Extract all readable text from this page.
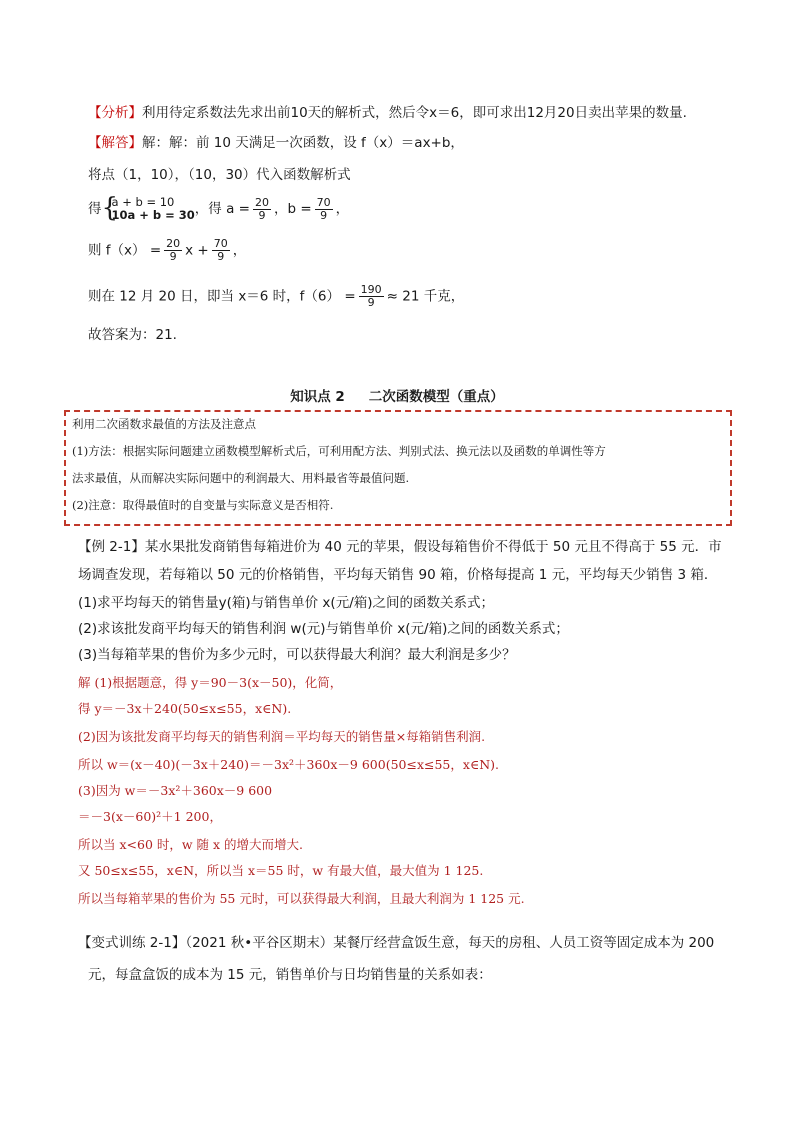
【分析】利用待定系数法先求出前10天的解析式，然后令x＝6，即可求出12月20日卖出苹果的数量.
【解答】解：解：前 10 天满足一次函数，设 f（x）＝ax+b，
将点（1，10），（10，30）代入函数解析式
得 {
a + b = 10
10a + b = 30 ，得 $a = \frac{20}{9}$ ，$b = \frac{70}{9}$ ，
则 $f(x) = \frac{20}{9}$ $x + \frac{70}{9}$ ，
则在 12 月 20 日，即当 x＝6 时，$f(6) = \frac{190}{9} \approx 21$ 千克，
故答案为：21.
知识点 2 二次函数模型（重点）
利用二次函数求最值的方法及注意点
(1)方法：根据实际问题建立函数模型解析式后，可利用配方法、判别式法、换元法以及函数的单调性等方
法求最值，从而解决实际问题中的利润最大、用料最省等最值问题.
(2)注意：取得最值时的自变量与实际意义是否相符.
【例 2-1】某水果批发商销售每箱进价为 40 元的苹果，假设每箱售价不得低于 50 元且不得高于 55 元．市
场调查发现，若每箱以 50 元的价格销售，平均每天销售 90 箱，价格每提高 1 元，平均每天少销售 3 箱．
(1)求平均每天的销售量y(箱)与销售单价 x(元/箱)之间的函数关系式；
(2)求该批发商平均每天的销售利润 w(元)与销售单价 x(元/箱)之间的函数关系式；
(3)当每箱苹果的售价为多少元时，可以获得最大利润？最大利润是多少？
解 (1)根据题意，得 y＝90－3(x－50)，化简，
得 y＝－3x＋240(50≤x≤55，x∈N).
(2)因为该批发商平均每天的销售利润＝平均每天的销售量×每箱销售利润.
所以 w＝(x－40)(－3x＋240)＝－3x²＋360x－9 600(50≤x≤55，x∈N).
(3)因为 w＝－3x²＋360x－9 600
＝－3(x－60)²＋1 200，
所以当 x<60 时，w 随 x 的增大而增大.
又 50≤x≤55，x∈N，所以当 x＝55 时，w 有最大值，最大值为 1 125.
所以当每箱苹果的售价为 55 元时，可以获得最大利润，且最大利润为 1 125 元.
【变式训练 2-1】（2021 秋•平谷区期末）某餐厅经营盒饭生意，每天的房租、人员工资等固定成本为 200
元，每盒盒饭的成本为 15 元，销售单价与日均销售量的关系如表：
